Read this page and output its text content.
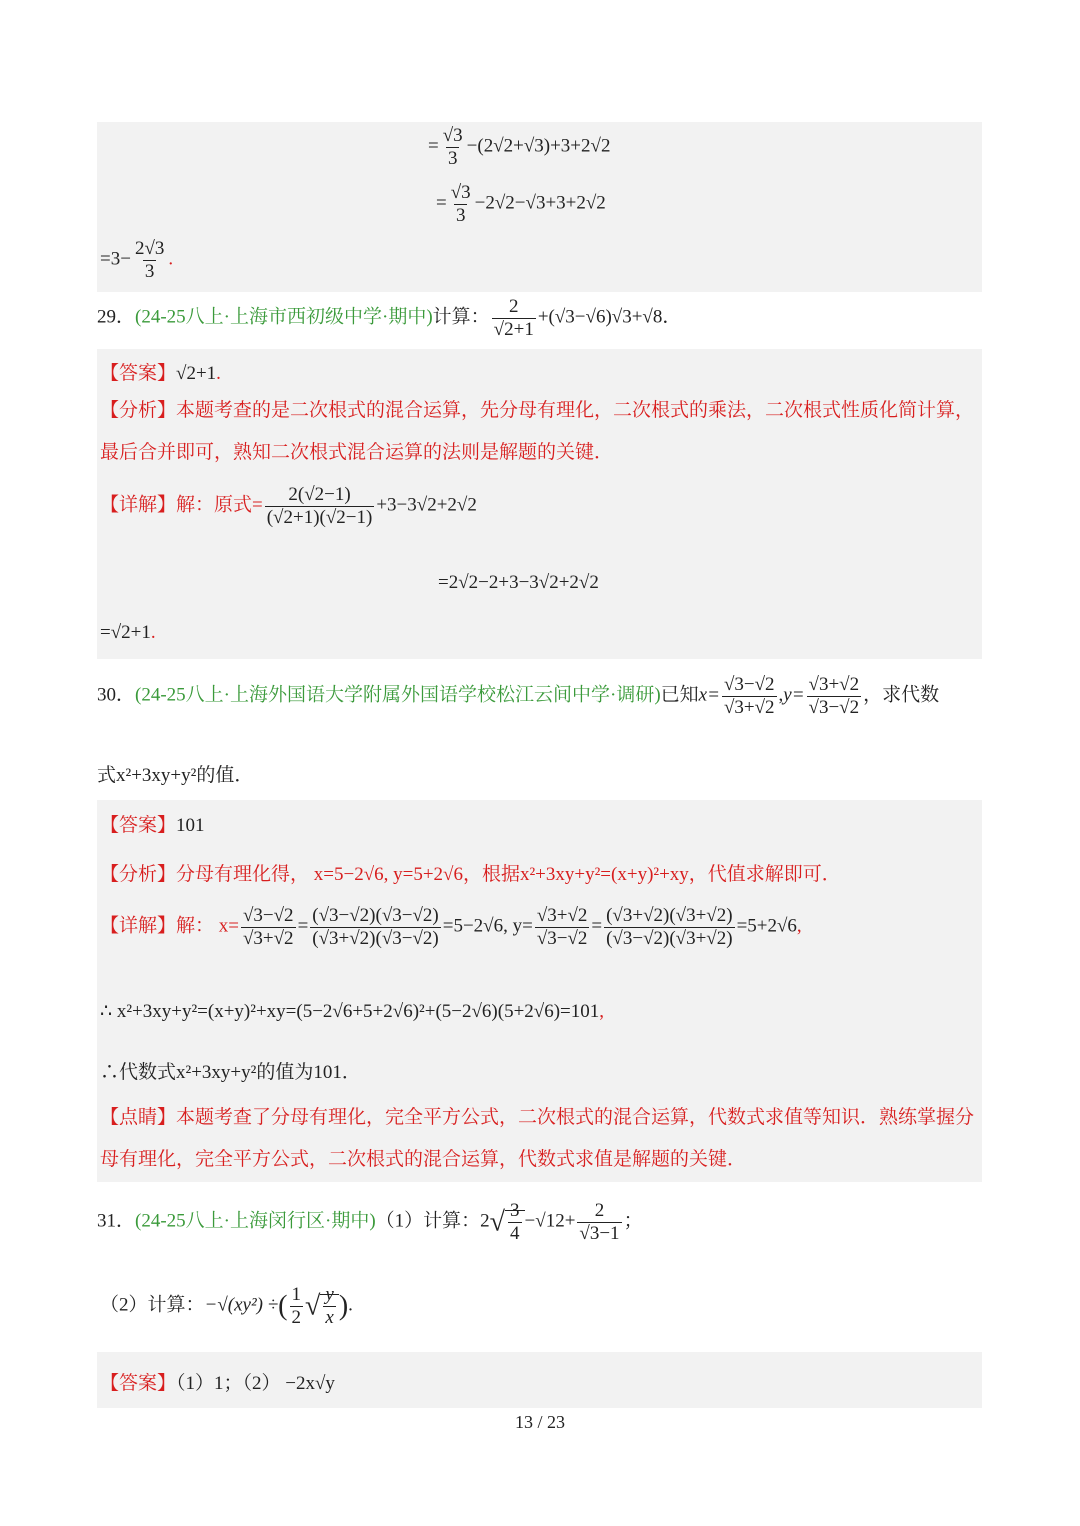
= $\frac{√3}{3} -(2√2+√3)+3+2√2$
= $\frac{√3}{3} -2√2-√3+3+2√2$
$=3- \frac{2√3}{3}$ .
29．(24-25八上·上海市西初级中学·期中)计算： $\frac{2}{√2+1} +(√3-√6)√3+√8$．
【答案】√2+1.
【分析】本题考查的是二次根式的混合运算，先分母有理化，二次根式的乘法，二次根式性质化简计算，最后合并即可，熟知二次根式混合运算的法则是解题的关键．
【详解】解：原式= $\frac{2(√2-1)}{(√2+1)(√2-1)} +3-3√2+2√2$
=2√2−2+3−3√2+2√2
=√2+1.
30．(24-25八上·上海外国语大学附属外国语学校松江云间中学·调研)已知$x= \frac{√3-√2}{√3+√2} ,y= \frac{√3+√2}{√3-√2}$ ，求代数
式x²+3xy+y²的值．
【答案】101
【分析】分母有理化得， x=5−2√6, y=5+2√6，根据x²+3xy+y²=(x+y)²+xy，代值求解即可．
【详解】解： $x= \frac{√3-√2}{√3+√2} = \frac{(√3-√2)(√3-√2)}{(√3+√2)(√3-√2)} =5-2√6$, $y= \frac{√3+√2}{√3-√2} = \frac{(√3+√2)(√3+√2)}{(√3-√2)(√3+√2)} =5+2√6$,
∴ x²+3xy+y²=(x+y)²+xy=(5−2√6+5+2√6)²+(5−2√6)(5+2√6)=101,
∴代数式x²+3xy+y²的值为101．
【点睛】本题考查了分母有理化，完全平方公式，二次根式的混合运算，代数式求值等知识．熟练掌握分母有理化，完全平方公式，二次根式的混合运算，代数式求值是解题的关键．
31．(24-25八上·上海闵行区·期中)（1）计算：$2√ \frac{3}{4} -√12+ \frac{2}{√3-1}$ ；
（2）计算：−√(xy²) ÷( $\frac{1}{2}$ √ $\frac{y}{x}$ ).
【答案】（1）1；（2） −2x√y
13 / 23
